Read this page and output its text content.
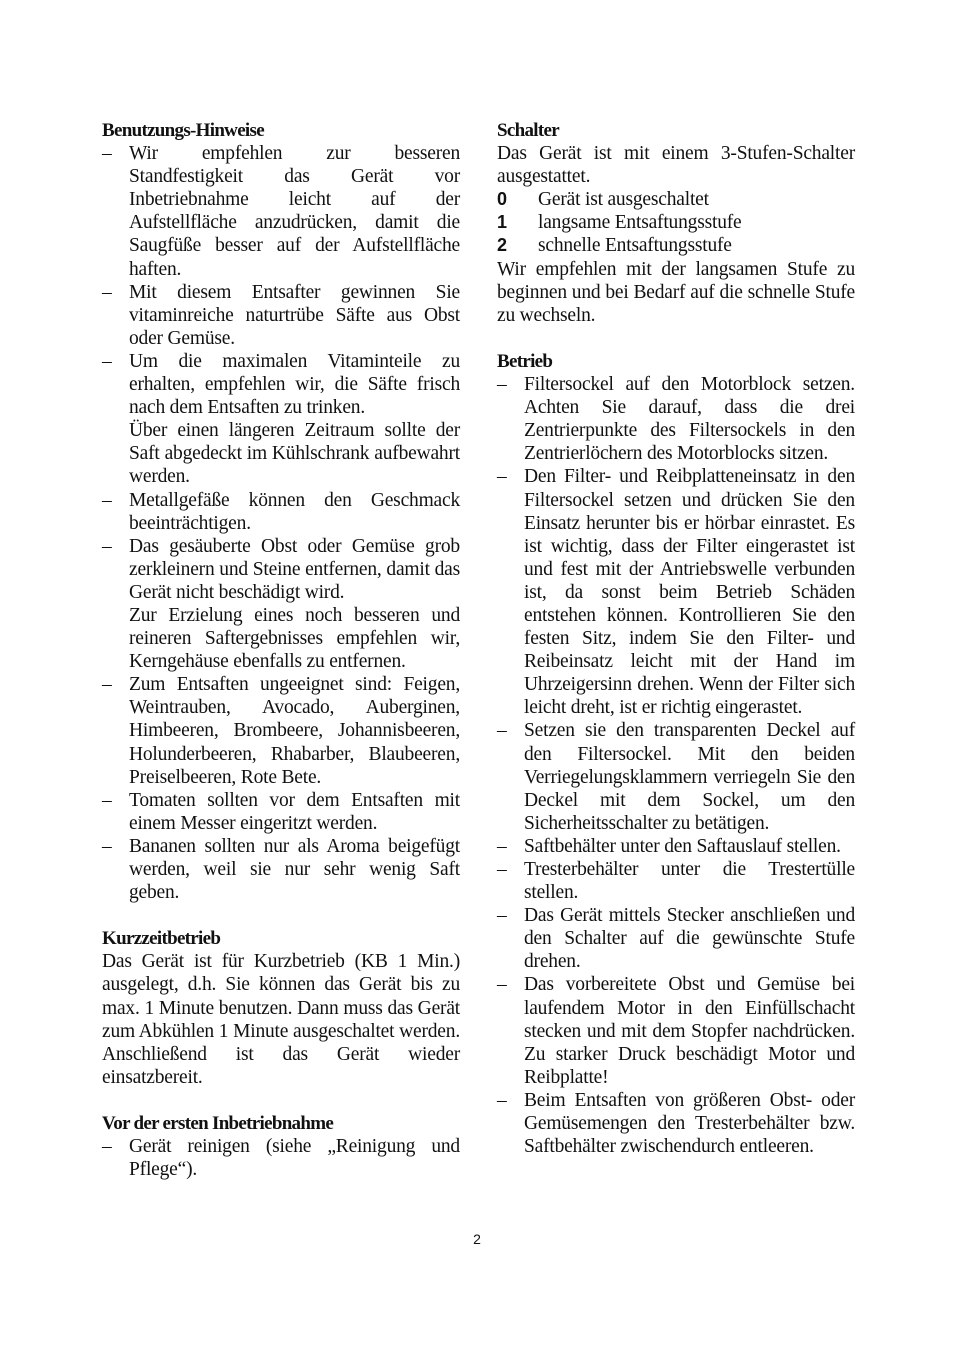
Benutzungs-Hinweise
– Wir empfehlen zur besseren Standfestigkeit das Gerät vor Inbetriebnahme leicht auf der Aufstellfläche anzudrücken, damit die Saugfüße besser auf der Aufstellfläche haften.
– Mit diesem Entsafter gewinnen Sie vitaminreiche naturtrübe Säfte aus Obst oder Gemüse.
– Um die maximalen Vitaminteile zu erhalten, empfehlen wir, die Säfte frisch nach dem Entsaften zu trinken.
Über einen längeren Zeitraum sollte der Saft abgedeckt im Kühlschrank aufbewahrt werden.
– Metallgefäße können den Geschmack beeinträchtigen.
– Das gesäuberte Obst oder Gemüse grob zerkleinern und Steine entfernen, damit das Gerät nicht beschädigt wird.
Zur Erzielung eines noch besseren und reineren Saftergebnisses empfehlen wir, Kerngehäuse ebenfalls zu entfernen.
– Zum Entsaften ungeeignet sind: Feigen, Weintrauben, Avocado, Auberginen, Himbeeren, Brombeere, Johannisbeeren, Holunderbeeren, Rhabarber, Blaubeeren, Preiselbeeren, Rote Bete.
– Tomaten sollten vor dem Entsaften mit einem Messer eingeritzt werden.
– Bananen sollten nur als Aroma beigefügt werden, weil sie nur sehr wenig Saft geben.
Kurzzeitbetrieb

Das Gerät ist für Kurzbetrieb (KB 1 Min.) ausgelegt, d.h. Sie können das Gerät bis zu max. 1 Minute benutzen. Dann muss das Gerät zum Abkühlen 1 Minute ausgeschaltet werden. Anschließend ist das Gerät wieder einsatzbereit.

Vor der ersten Inbetriebnahme
– Gerät reinigen (siehe „Reinigung und Pflege“).
Schalter

Das Gerät ist mit einem 3-Stufen-Schalter ausgestattet.

0	Gerät ist ausgeschaltet
1	langsame Entsaftungsstufe
2	schnelle Entsaftungsstufe

Wir empfehlen mit der langsamen Stufe zu beginnen und bei Bedarf auf die schnelle Stufe zu wechseln.

Betrieb
– Filtersockel auf den Motorblock setzen. Achten Sie darauf, dass die drei Zentrierpunkte des Filtersockels in den Zentrierlöchern des Motorblocks sitzen.
– Den Filter- und Reibplatteneinsatz in den Filtersockel setzen und drücken Sie den Einsatz herunter bis er hörbar einrastet. Es ist wichtig, dass der Filter eingerastet ist und fest mit der Antriebswelle verbunden ist, da sonst beim Betrieb Schäden entstehen können. Kontrollieren Sie den festen Sitz, indem Sie den Filter- und Reibeinsatz leicht mit der Hand im Uhrzeigersinn drehen. Wenn der Filter sich leicht dreht, ist er richtig eingerastet.
– Setzen sie den transparenten Deckel auf den Filtersockel. Mit den beiden Verriegelungsklammern verriegeln Sie den Deckel mit dem Sockel, um den Sicherheitsschalter zu betätigen.
– Saftbehälter unter den Saftauslauf stellen.
– Tresterbehälter unter die Trestertülle stellen.
– Das Gerät mittels Stecker anschließen und den Schalter auf die gewünschte Stufe drehen.
– Das vorbereitete Obst und Gemüse bei laufendem Motor in den Einfüllschacht stecken und mit dem Stopfer nachdrücken. Zu starker Druck beschädigt Motor und Reibplatte!
– Beim Entsaften von größeren Obst- oder Gemüsemengen den Tresterbehälter bzw. Saftbehälter zwischendurch entleeren.
2
